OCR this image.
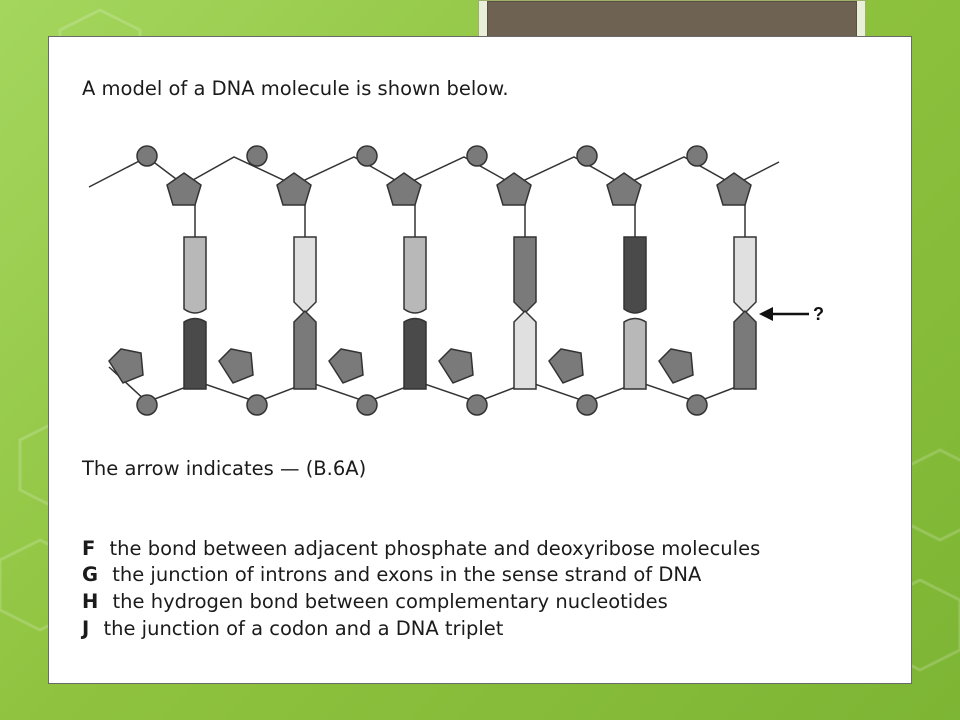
A model of a DNA molecule is shown below.
?
The arrow indicates — (B.6A)
F the bond between adjacent phosphate and deoxyribose molecules
G the junction of introns and exons in the sense strand of DNA
H the hydrogen bond between complementary nucleotides
J the junction of a codon and a DNA triplet
